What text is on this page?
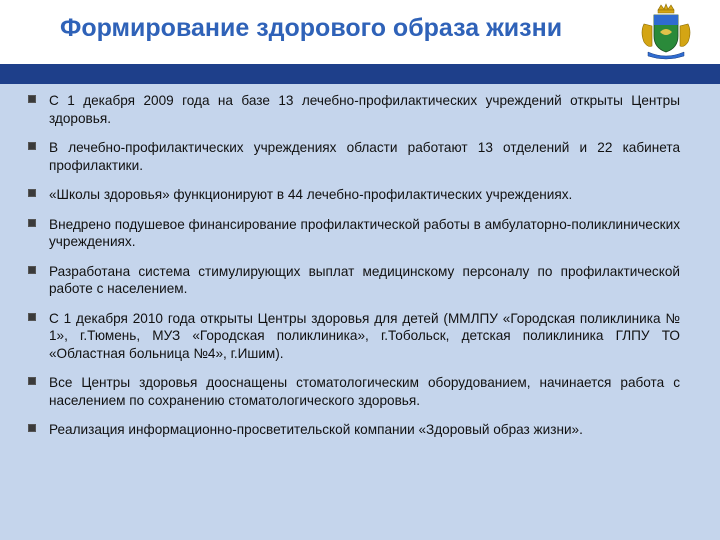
Формирование здорового образа жизни
С 1 декабря 2009 года на базе 13 лечебно-профилактических учреждений открыты Центры здоровья.
В лечебно-профилактических учреждениях области работают 13 отделений и 22 кабинета профилактики.
«Школы здоровья» функционируют в 44 лечебно-профилактических учреждениях.
Внедрено подушевое финансирование профилактической работы в амбулаторно-поликлинических учреждениях.
Разработана система стимулирующих выплат медицинскому персоналу по профилактической работе с населением.
С 1 декабря 2010 года открыты Центры здоровья для детей (ММЛПУ «Городская поликлиника № 1», г.Тюмень, МУЗ «Городская поликлиника», г.Тобольск, детская поликлиника ГЛПУ ТО «Областная больница №4», г.Ишим).
Все Центры здоровья дооснащены стоматологическим оборудованием, начинается работа с населением по сохранению стоматологического здоровья.
Реализация информационно-просветительской компании «Здоровый образ жизни».
